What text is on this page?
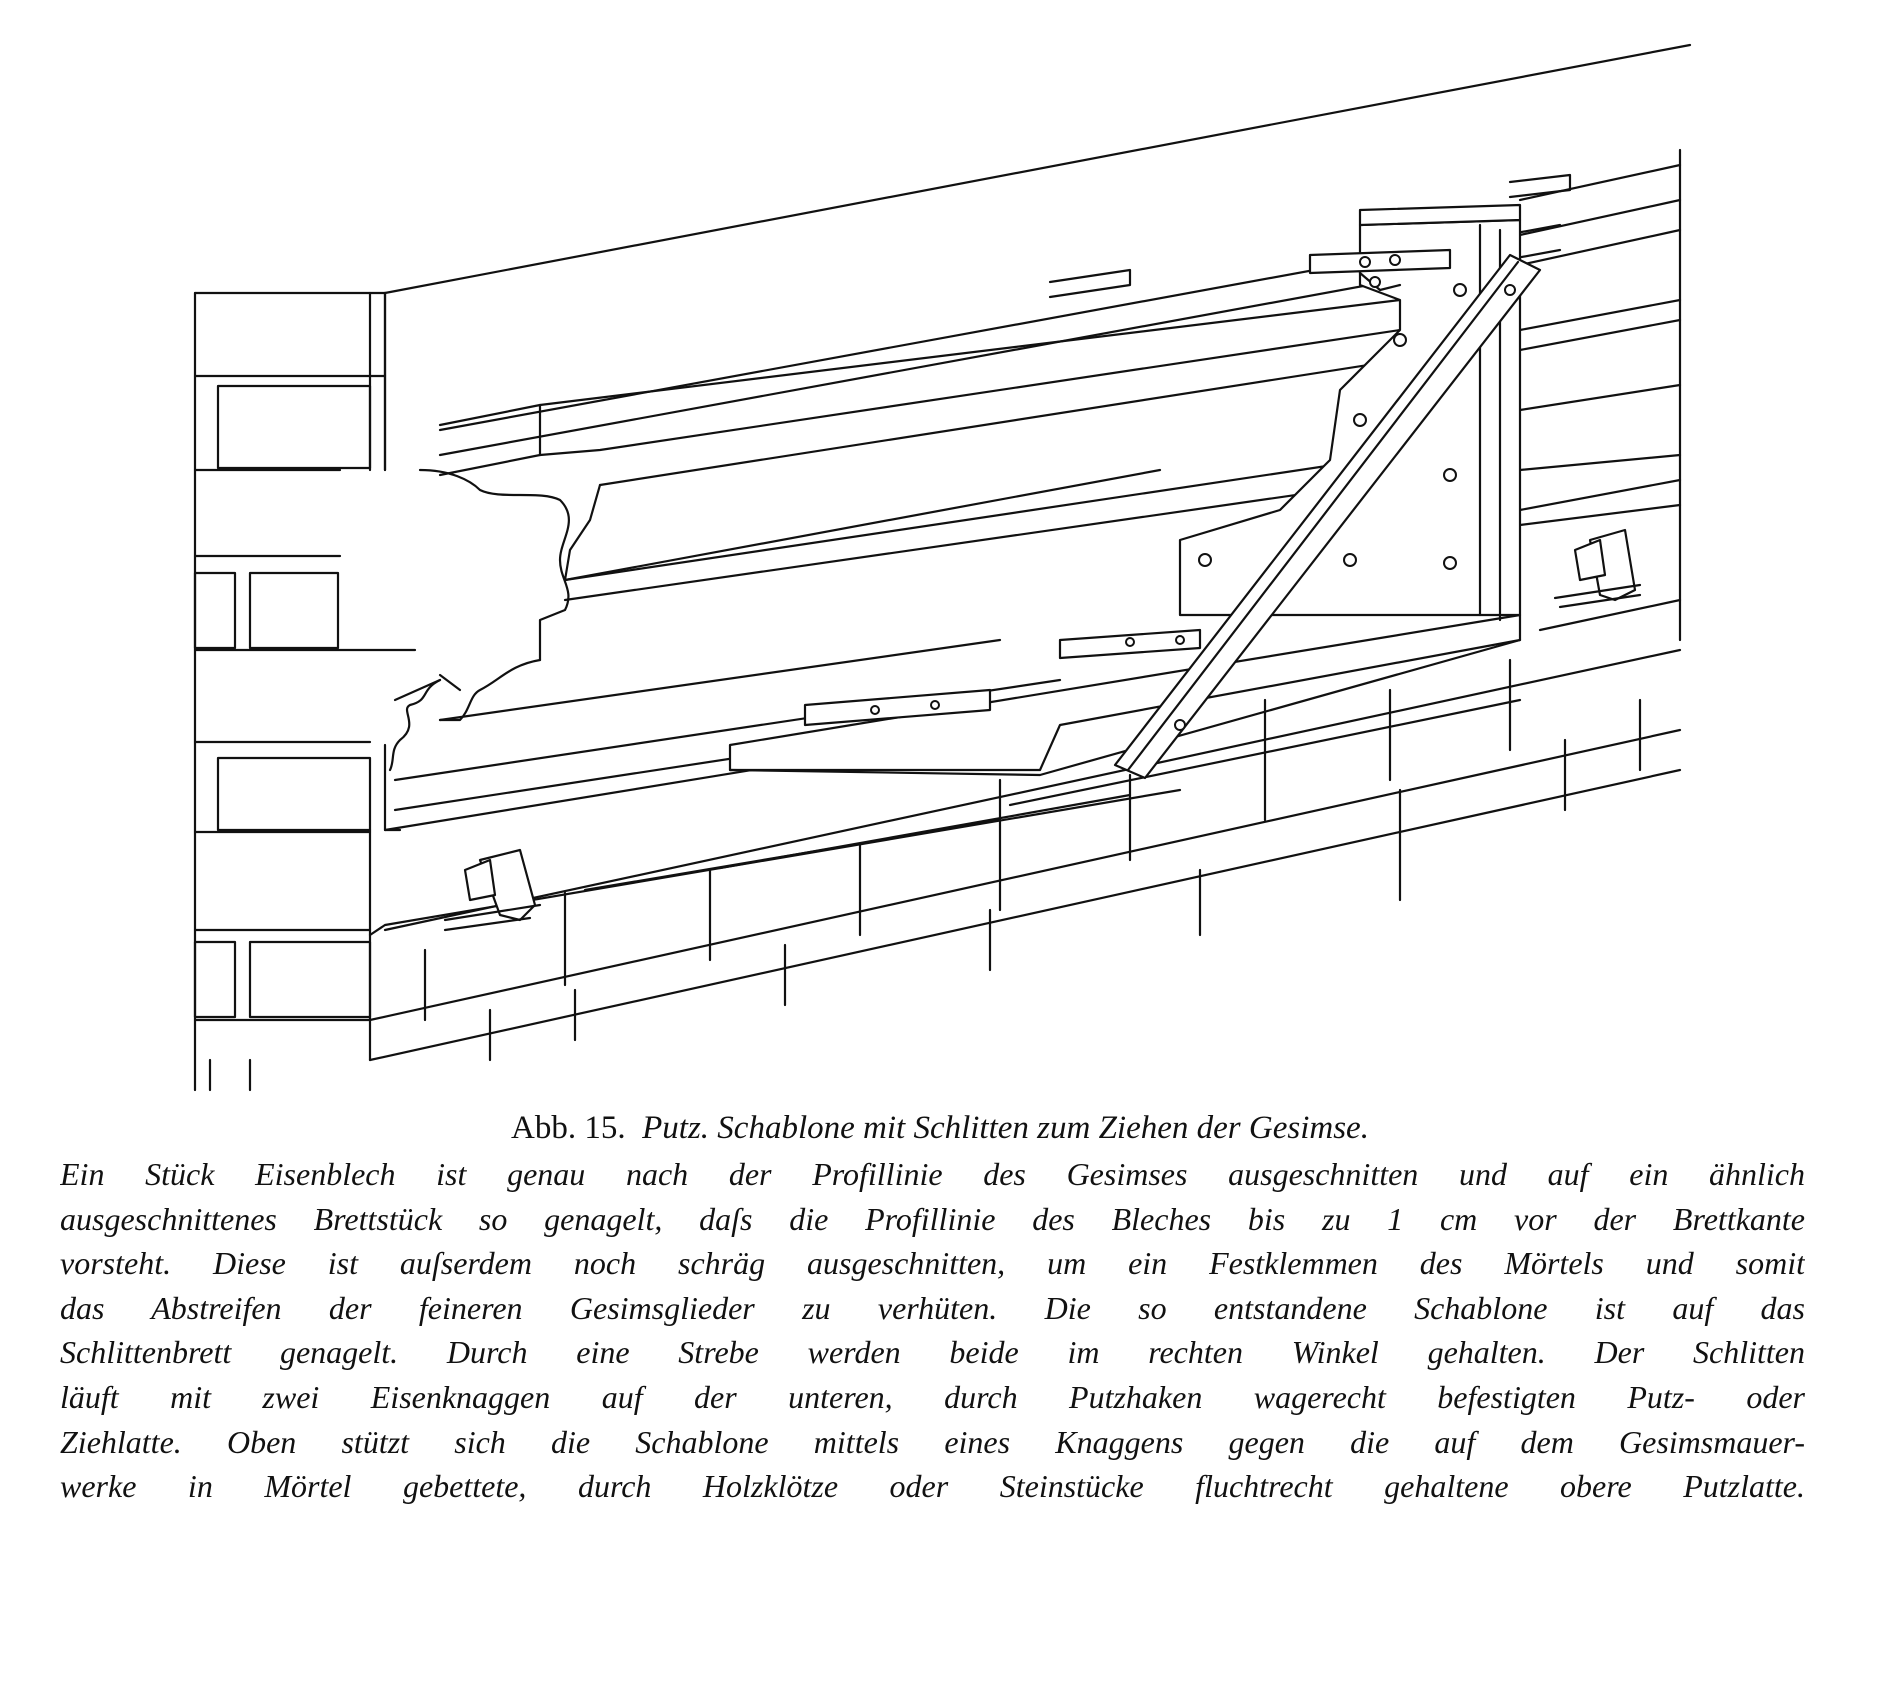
Abb. 15. Putz. Schablone mit Schlitten zum Ziehen der Gesimse.
Ein Stück Eisenblech ist genau nach der Profillinie des Gesimses ausgeschnitten und auf ein ähnlich
ausgeschnittenes Brettstück so genagelt, daſs die Profillinie des Bleches bis zu 1 cm vor der Brettkante
vorsteht. Diese ist auſserdem noch schräg ausgeschnitten, um ein Festklemmen des Mörtels und somit
das Abstreifen der feineren Gesimsglieder zu verhüten. Die so entstandene Schablone ist auf das
Schlittenbrett genagelt. Durch eine Strebe werden beide im rechten Winkel gehalten. Der Schlitten
läuft mit zwei Eisenknaggen auf der unteren, durch Putzhaken wagerecht befestigten Putz- oder
Ziehlatte. Oben stützt sich die Schablone mittels eines Knaggens gegen die auf dem Gesimsmauer-
werke in Mörtel gebettete, durch Holzklötze oder Steinstücke fluchtrecht gehaltene obere Putzlatte.
